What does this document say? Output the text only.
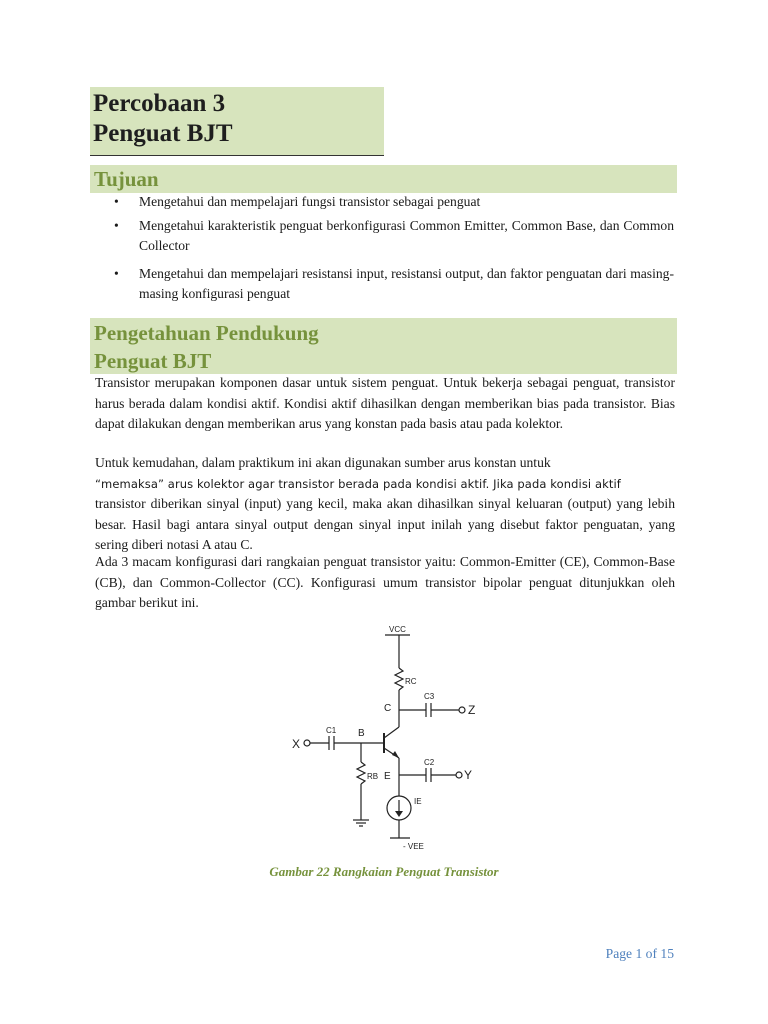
Percobaan 3
Penguat BJT
Tujuan
• Mengetahui dan mempelajari fungsi transistor sebagai penguat
• Mengetahui karakteristik penguat berkonfigurasi Common Emitter, Common Base, dan Common Collector
• Mengetahui dan mempelajari resistansi input, resistansi output, dan faktor penguatan dari masing-masing konfigurasi penguat
Pengetahuan Pendukung
Penguat BJT

Transistor merupakan komponen dasar untuk sistem penguat. Untuk bekerja sebagai penguat, transistor harus berada dalam kondisi aktif. Kondisi aktif dihasilkan dengan memberikan bias pada transistor. Bias dapat dilakukan dengan memberikan arus yang konstan pada basis atau pada kolektor.

Untuk kemudahan, dalam praktikum ini akan digunakan sumber arus konstan untuk
“memaksa” arus kolektor agar transistor berada pada kondisi aktif. Jika pada kondisi aktif
transistor diberikan sinyal (input) yang kecil, maka akan dihasilkan sinyal keluaran (output) yang lebih besar. Hasil bagi antara sinyal output dengan sinyal input inilah yang disebut faktor penguatan, yang sering diberi notasi A atau C.

Ada 3 macam konfigurasi dari rangkaian penguat transistor yaitu: Common-Emitter (CE), Common-Base (CB), dan Common-Collector (CC). Konfigurasi umum transistor bipolar penguat ditunjukkan oleh gambar berikut ini.

VCC
RC
C3
C	Z
C1 B
X
RB E
C2
Y
IE
- VEE
Gambar 22 Rangkaian Penguat Transistor
Page 1 of 15
